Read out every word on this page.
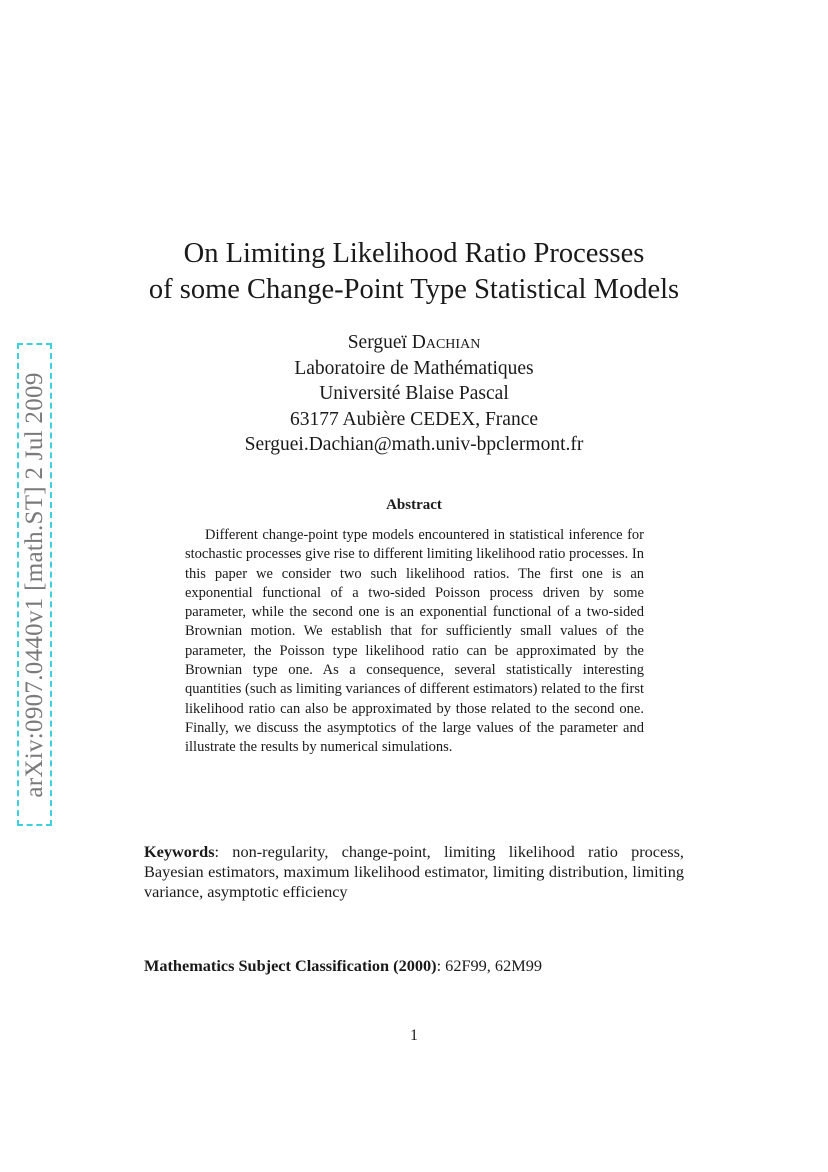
arXiv:0907.0440v1 [math.ST] 2 Jul 2009
On Limiting Likelihood Ratio Processes
of some Change-Point Type Statistical Models
Sergueï Dachian
Laboratoire de Mathématiques
Université Blaise Pascal
63177 Aubière CEDEX, France
Serguei.Dachian@math.univ-bpclermont.fr
Abstract

Different change-point type models encountered in statistical inference for stochastic processes give rise to different limiting likelihood ratio processes. In this paper we consider two such likelihood ratios. The first one is an exponential functional of a two-sided Poisson process driven by some parameter, while the second one is an exponential functional of a two-sided Brownian motion. We establish that for sufficiently small values of the parameter, the Poisson type likelihood ratio can be approximated by the Brownian type one. As a consequence, several statistically interesting quantities (such as limiting variances of different estimators) related to the first likelihood ratio can also be approximated by those related to the second one. Finally, we discuss the asymptotics of the large values of the parameter and illustrate the results by numerical simulations.

Keywords: non-regularity, change-point, limiting likelihood ratio process, Bayesian estimators, maximum likelihood estimator, limiting distribution, limiting variance, asymptotic efficiency

Mathematics Subject Classification (2000): 62F99, 62M99

1
